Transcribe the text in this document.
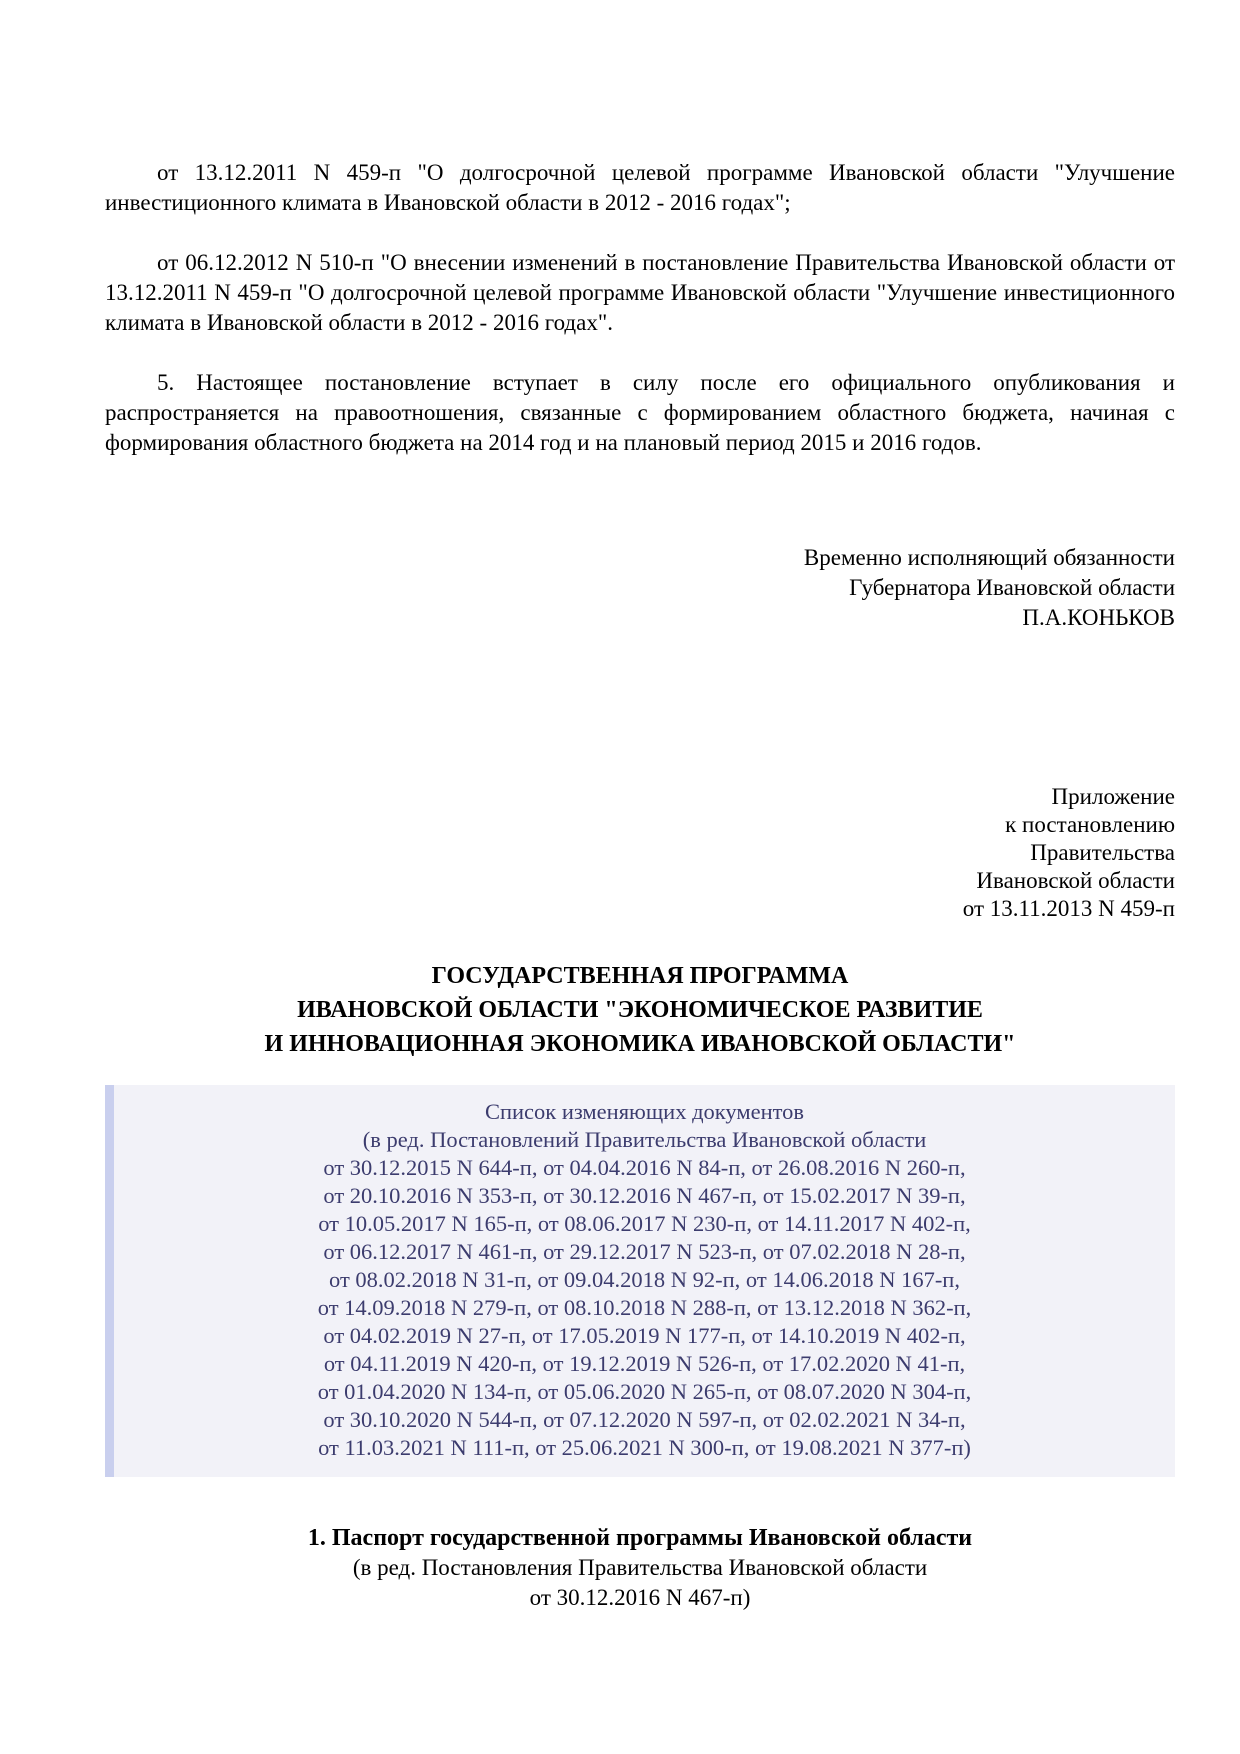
от 13.12.2011 N 459-п "О долгосрочной целевой программе Ивановской области "Улучшение инвестиционного климата в Ивановской области в 2012 - 2016 годах";

от 06.12.2012 N 510-п "О внесении изменений в постановление Правительства Ивановской области от 13.12.2011 N 459-п "О долгосрочной целевой программе Ивановской области "Улучшение инвестиционного климата в Ивановской области в 2012 - 2016 годах".

5. Настоящее постановление вступает в силу после его официального опубликования и распространяется на правоотношения, связанные с формированием областного бюджета, начиная с формирования областного бюджета на 2014 год и на плановый период 2015 и 2016 годов.

Временно исполняющий обязанности
Губернатора Ивановской области
П.А.КОНЬКОВ
Приложение
к постановлению
Правительства
Ивановской области
от 13.11.2013 N 459-п
ГОСУДАРСТВЕННАЯ ПРОГРАММА
ИВАНОВСКОЙ ОБЛАСТИ "ЭКОНОМИЧЕСКОЕ РАЗВИТИЕ
И ИННОВАЦИОННАЯ ЭКОНОМИКА ИВАНОВСКОЙ ОБЛАСТИ"
Список изменяющих документов
(в ред. Постановлений Правительства Ивановской области
от 30.12.2015 N 644-п, от 04.04.2016 N 84-п, от 26.08.2016 N 260-п,
от 20.10.2016 N 353-п, от 30.12.2016 N 467-п, от 15.02.2017 N 39-п,
от 10.05.2017 N 165-п, от 08.06.2017 N 230-п, от 14.11.2017 N 402-п,
от 06.12.2017 N 461-п, от 29.12.2017 N 523-п, от 07.02.2018 N 28-п,
от 08.02.2018 N 31-п, от 09.04.2018 N 92-п, от 14.06.2018 N 167-п,
от 14.09.2018 N 279-п, от 08.10.2018 N 288-п, от 13.12.2018 N 362-п,
от 04.02.2019 N 27-п, от 17.05.2019 N 177-п, от 14.10.2019 N 402-п,
от 04.11.2019 N 420-п, от 19.12.2019 N 526-п, от 17.02.2020 N 41-п,
от 01.04.2020 N 134-п, от 05.06.2020 N 265-п, от 08.07.2020 N 304-п,
от 30.10.2020 N 544-п, от 07.12.2020 N 597-п, от 02.02.2021 N 34-п,
от 11.03.2021 N 111-п, от 25.06.2021 N 300-п, от 19.08.2021 N 377-п)
1. Паспорт государственной программы Ивановской области
(в ред. Постановления Правительства Ивановской области
от 30.12.2016 N 467-п)
